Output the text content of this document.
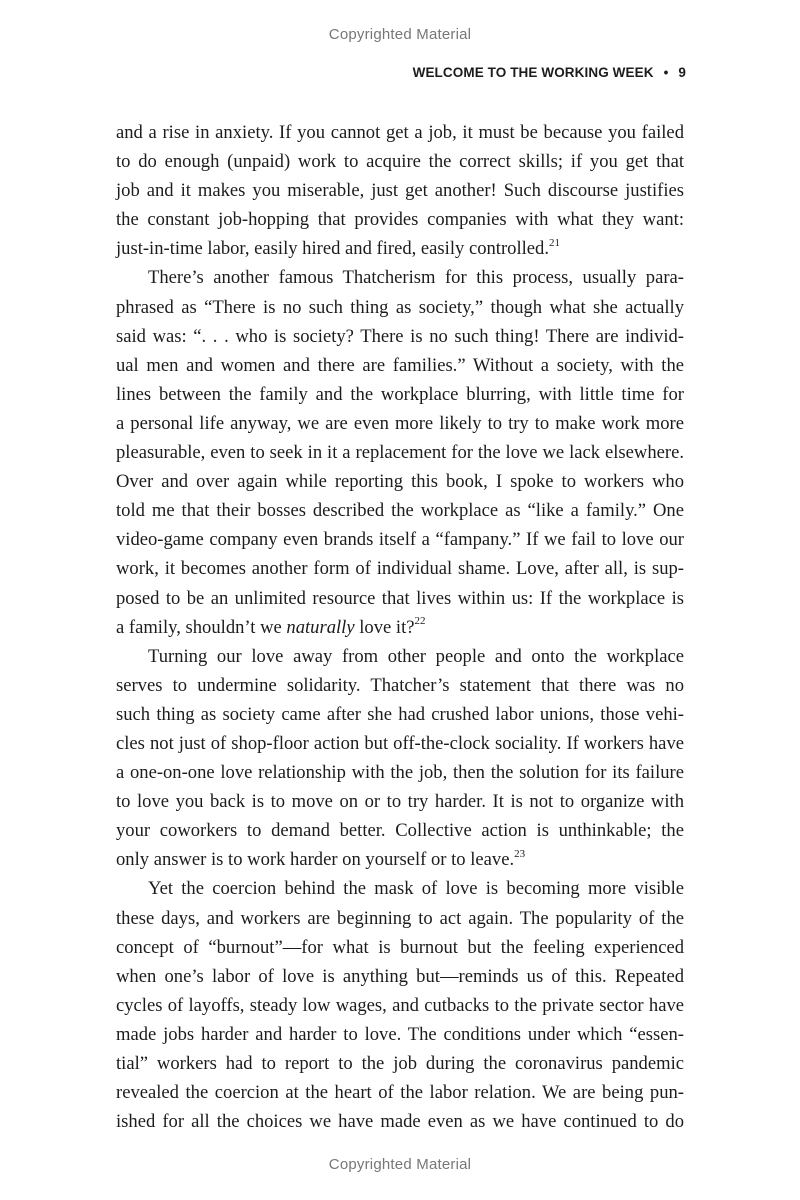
Copyrighted Material
WELCOME TO THE WORKING WEEK • 9
and a rise in anxiety. If you cannot get a job, it must be because you failed
to do enough (unpaid) work to acquire the correct skills; if you get that
job and it makes you miserable, just get another! Such discourse justifies
the constant job-hopping that provides companies with what they want:
just-in-time labor, easily hired and fired, easily controlled.$^{21}$
There’s another famous Thatcherism for this process, usually para-
phrased as “There is no such thing as society,” though what she actually
said was: “. . . who is society? There is no such thing! There are individ-
ual men and women and there are families.” Without a society, with the
lines between the family and the workplace blurring, with little time for
a personal life anyway, we are even more likely to try to make work more
pleasurable, even to seek in it a replacement for the love we lack elsewhere.
Over and over again while reporting this book, I spoke to workers who
told me that their bosses described the workplace as “like a family.” One
video-game company even brands itself a “fampany.” If we fail to love our
work, it becomes another form of individual shame. Love, after all, is sup-
posed to be an unlimited resource that lives within us: If the workplace is
a family, shouldn’t we naturally love it?$^{22}$
Turning our love away from other people and onto the workplace
serves to undermine solidarity. Thatcher’s statement that there was no
such thing as society came after she had crushed labor unions, those vehi-
cles not just of shop-floor action but off-the-clock sociality. If workers have
a one-on-one love relationship with the job, then the solution for its failure
to love you back is to move on or to try harder. It is not to organize with
your coworkers to demand better. Collective action is unthinkable; the
only answer is to work harder on yourself or to leave.$^{23}$
Yet the coercion behind the mask of love is becoming more visible
these days, and workers are beginning to act again. The popularity of the
concept of “burnout”—for what is burnout but the feeling experienced
when one’s labor of love is anything but—reminds us of this. Repeated
cycles of layoffs, steady low wages, and cutbacks to the private sector have
made jobs harder and harder to love. The conditions under which “essen-
tial” workers had to report to the job during the coronavirus pandemic
revealed the coercion at the heart of the labor relation. We are being pun-
ished for all the choices we have made even as we have continued to do
Copyrighted Material
